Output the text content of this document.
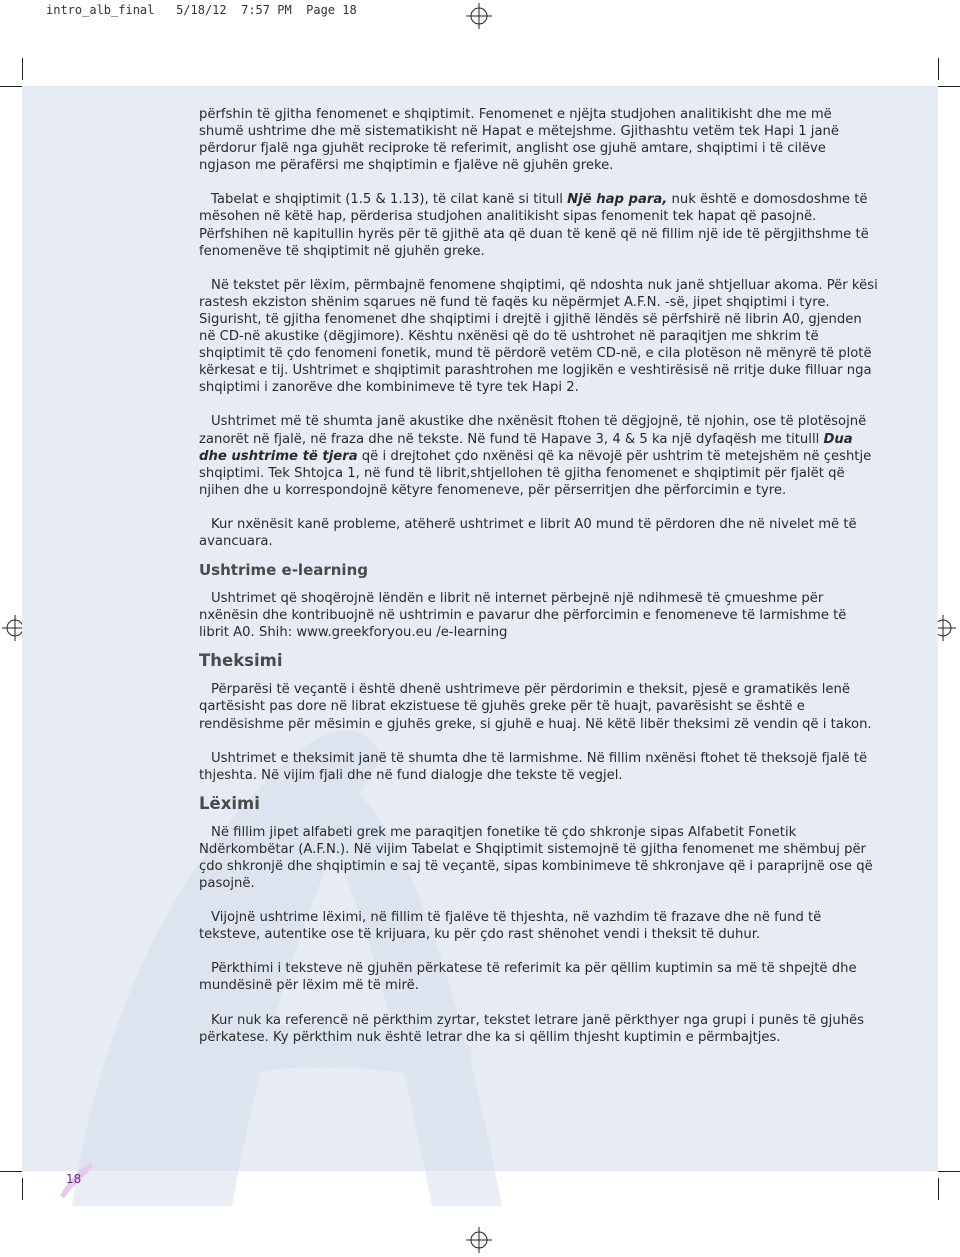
intro_alb_final 5/18/12 7:57 PM Page 18

përfshin të gjitha fenomenet e shqiptimit. Fenomenet e njëjta studjohen analitikisht dhe me më shumë ushtrime dhe më sistematikisht në Hapat e mëtejshme. Gjithashtu vetëm tek Hapi 1 janë përdorur fjalë nga gjuhët reciproke të referimit, anglisht ose gjuhë amtare, shqiptimi i të cilëve ngjason me përafërsi me shqiptimin e fjalëve në gjuhën greke.

Tabelat e shqiptimit (1.5 & 1.13), të cilat kanë si titull Një hap para, nuk është e domosdoshme të mësohen në këtë hap, përderisa studjohen analitikisht sipas fenomenit tek hapat që pasojnë. Përfshihen në kapitullin hyrës për të gjithë ata që duan të kenë që në fillim një ide të përgjithshme të fenomenëve të shqiptimit në gjuhën greke.

Në tekstet për lëxim, përmbajnë fenomene shqiptimi, që ndoshta nuk janë shtjelluar akoma. Për kësi rastesh ekziston shënim sqarues në fund të faqës ku nëpërmjet A.F.N. -së, jipet shqiptimi i tyre. Sigurisht, të gjitha fenomenet dhe shqiptimi i drejtë i gjithë lëndës së përfshirë në librin A0, gjenden në CD-në akustike (dëgjimore). Kështu nxënësi që do të ushtrohet në paraqitjen me shkrim të shqiptimit të çdo fenomeni fonetik, mund të përdorë vetëm CD-në, e cila plotëson në mënyrë të plotë kërkesat e tij. Ushtrimet e shqiptimit parashtrohen me logjikën e veshtirësisë në rritje duke filluar nga shqiptimi i zanorëve dhe kombinimeve të tyre tek Hapi 2.

Ushtrimet më të shumta janë akustike dhe nxënësit ftohen të dëgjojnë, të njohin, ose të plotësojnë zanorët në fjalë, në fraza dhe në tekste. Në fund të Hapave 3, 4 & 5 ka një dyfaqësh me titulll Dua dhe ushtrime të tjera që i drejtohet çdo nxënësi që ka nëvojë për ushtrim të metejshëm në çeshtje shqiptimi. Tek Shtojca 1, në fund të librit,shtjellohen të gjitha fenomenet e shqiptimit për fjalët që njihen dhe u korrespondojnë këtyre fenomeneve, për përserritjen dhe përforcimin e tyre.

Kur nxënësit kanë probleme, atëherë ushtrimet e librit A0 mund të përdoren dhe në nivelet më të avancuara.

Ushtrime e-learning

Ushtrimet që shoqërojnë lëndën e librit në internet përbejnë një ndihmesë të çmueshme për nxënësin dhe kontribuojnë në ushtrimin e pavarur dhe përforcimin e fenomeneve të larmishme të librit A0. Shih: www.greekforyou.eu /e-learning

Theksimi

Përparësi të veçantë i është dhenë ushtrimeve për përdorimin e theksit, pjesë e gramatikës lenë qartësisht pas dore në librat ekzistuese të gjuhës greke për të huajt, pavarësisht se është e rendësishme për mësimin e gjuhës greke, si gjuhë e huaj. Në këtë libër theksimi zë vendin që i takon.

Ushtrimet e theksimit janë të shumta dhe të larmishme. Në fillim nxënësi ftohet të theksojë fjalë të thjeshta. Në vijim fjali dhe në fund dialogje dhe tekste të vegjel.

Lëximi

Në fillim jipet alfabeti grek me paraqitjen fonetike të çdo shkronje sipas Alfabetit Fonetik Ndërkombëtar (A.F.N.). Në vijim Tabelat e Shqiptimit sistemojnë të gjitha fenomenet me shëmbuj për çdo shkronjë dhe shqiptimin e saj të veçantë, sipas kombinimeve të shkronjave që i paraprijnë ose që pasojnë.

Vijojnë ushtrime lëximi, në fillim të fjalëve të thjeshta, në vazhdim të frazave dhe në fund të teksteve, autentike ose të krijuara, ku për çdo rast shënohet vendi i theksit të duhur.

Përkthimi i teksteve në gjuhën përkatese të referimit ka për qëllim kuptimin sa më të shpejtë dhe mundësinë për lëxim më të mirë.

Kur nuk ka referencë në përkthim zyrtar, tekstet letrare janë përkthyer nga grupi i punës të gjuhës përkatese. Ky përkthim nuk është letrar dhe ka si qëllim thjesht kuptimin e përmbajtjes.

18
